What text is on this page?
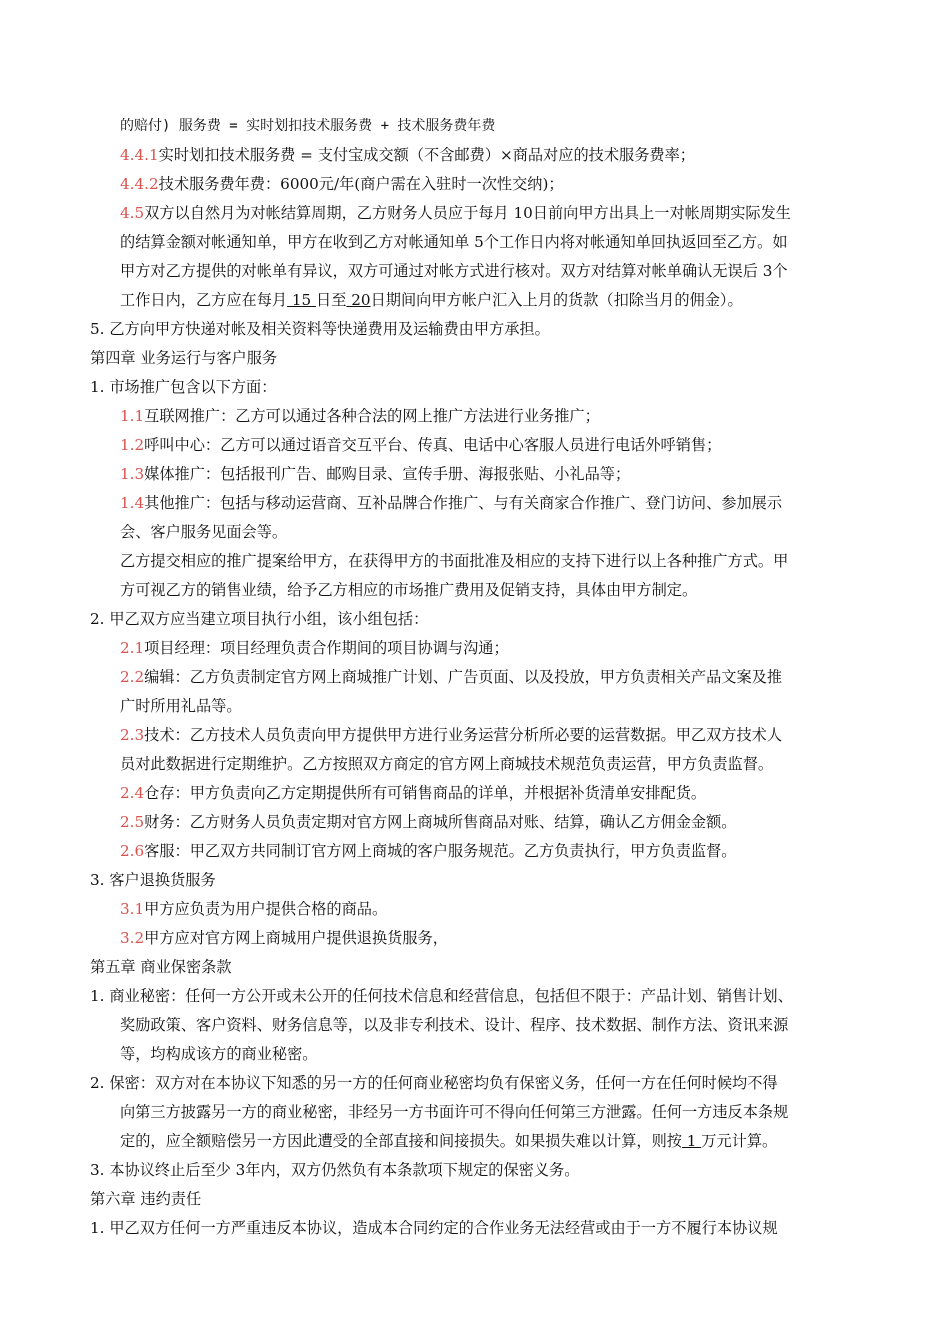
的赔付) 服务费 = 实时划扣技术服务费 + 技术服务费年费
4.4.1实时划扣技术服务费 = 支付宝成交额（不含邮费）×商品对应的技术服务费率；
4.4.2技术服务费年费：6000元/年(商户需在入驻时一次性交纳)；
4.5双方以自然月为对帐结算周期，乙方财务人员应于每月 10日前向甲方出具上一对帐周期实际发生
的结算金额对帐通知单，甲方在收到乙方对帐通知单 5个工作日内将对帐通知单回执返回至乙方。如
甲方对乙方提供的对帐单有异议，双方可通过对帐方式进行核对。双方对结算对帐单确认无误后 3个
工作日内，乙方应在每月 15 日至 20日期间向甲方帐户汇入上月的货款（扣除当月的佣金）。
5. 乙方向甲方快递对帐及相关资料等快递费用及运输费由甲方承担。
第四章 业务运行与客户服务
1. 市场推广包含以下方面：
1.1互联网推广：乙方可以通过各种合法的网上推广方法进行业务推广；
1.2呼叫中心：乙方可以通过语音交互平台、传真、电话中心客服人员进行电话外呼销售；
1.3媒体推广：包括报刊广告、邮购目录、宣传手册、海报张贴、小礼品等；
1.4其他推广：包括与移动运营商、互补品牌合作推广、与有关商家合作推广、登门访问、参加展示
会、客户服务见面会等。
乙方提交相应的推广提案给甲方，在获得甲方的书面批准及相应的支持下进行以上各种推广方式。甲
方可视乙方的销售业绩，给予乙方相应的市场推广费用及促销支持，具体由甲方制定。
2. 甲乙双方应当建立项目执行小组，该小组包括：
2.1项目经理：项目经理负责合作期间的项目协调与沟通；
2.2编辑：乙方负责制定官方网上商城推广计划、广告页面、以及投放，甲方负责相关产品文案及推
广时所用礼品等。
2.3技术：乙方技术人员负责向甲方提供甲方进行业务运营分析所必要的运营数据。甲乙双方技术人
员对此数据进行定期维护。乙方按照双方商定的官方网上商城技术规范负责运营，甲方负责监督。
2.4仓存：甲方负责向乙方定期提供所有可销售商品的详单，并根据补货清单安排配货。
2.5财务：乙方财务人员负责定期对官方网上商城所售商品对账、结算，确认乙方佣金金额。
2.6客服：甲乙双方共同制订官方网上商城的客户服务规范。乙方负责执行，甲方负责监督。
3. 客户退换货服务
3.1甲方应负责为用户提供合格的商品。
3.2甲方应对官方网上商城用户提供退换货服务，
第五章 商业保密条款
1. 商业秘密：任何一方公开或未公开的任何技术信息和经营信息，包括但不限于：产品计划、销售计划、
奖励政策、客户资料、财务信息等，以及非专利技术、设计、程序、技术数据、制作方法、资讯来源
等，均构成该方的商业秘密。
2. 保密：双方对在本协议下知悉的另一方的任何商业秘密均负有保密义务，任何一方在任何时候均不得
向第三方披露另一方的商业秘密，非经另一方书面许可不得向任何第三方泄露。任何一方违反本条规
定的，应全额赔偿另一方因此遭受的全部直接和间接损失。如果损失难以计算，则按 1 万元计算。
3. 本协议终止后至少 3年内，双方仍然负有本条款项下规定的保密义务。
第六章 违约责任
1. 甲乙双方任何一方严重违反本协议，造成本合同约定的合作业务无法经营或由于一方不履行本协议规
